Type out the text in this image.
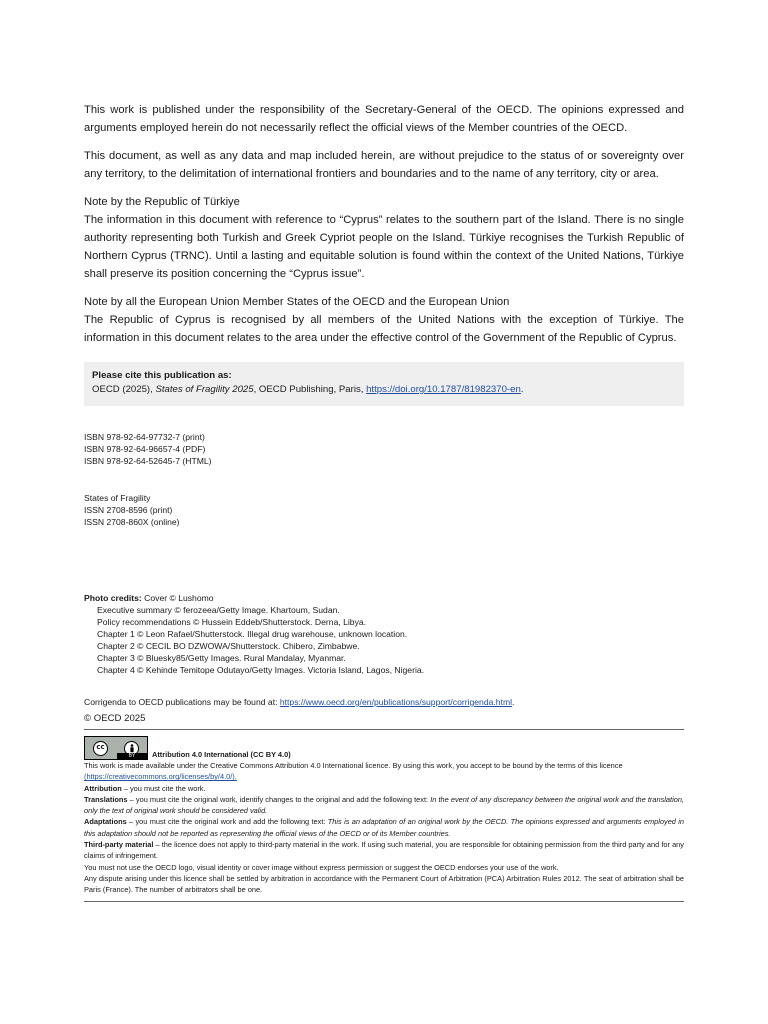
This work is published under the responsibility of the Secretary-General of the OECD. The opinions expressed and arguments employed herein do not necessarily reflect the official views of the Member countries of the OECD.

This document, as well as any data and map included herein, are without prejudice to the status of or sovereignty over any territory, to the delimitation of international frontiers and boundaries and to the name of any territory, city or area.

Note by the Republic of Türkiye

The information in this document with reference to “Cyprus” relates to the southern part of the Island. There is no single authority representing both Turkish and Greek Cypriot people on the Island. Türkiye recognises the Turkish Republic of Northern Cyprus (TRNC). Until a lasting and equitable solution is found within the context of the United Nations, Türkiye shall preserve its position concerning the “Cyprus issue”.

Note by all the European Union Member States of the OECD and the European Union

The Republic of Cyprus is recognised by all members of the United Nations with the exception of Türkiye. The information in this document relates to the area under the effective control of the Government of the Republic of Cyprus.

Please cite this publication as:
OECD (2025), States of Fragility 2025, OECD Publishing, Paris, https://doi.org/10.1787/81982370-en.
ISBN 978-92-64-97732-7 (print)
ISBN 978-92-64-96657-4 (PDF)
ISBN 978-92-64-52645-7 (HTML)
States of Fragility
ISSN 2708-8596 (print)
ISSN 2708-860X (online)
Photo credits: Cover © Lushomo
Executive summary © ferozeea/Getty Image. Khartoum, Sudan.
Policy recommendations © Hussein Eddeb/Shutterstock. Derna, Libya.
Chapter 1 © Leon Rafael/Shutterstock. Illegal drug warehouse, unknown location.
Chapter 2 © CECIL BO DZWOWA/Shutterstock. Chibero, Zimbabwe.
Chapter 3 © Bluesky85/Getty Images. Rural Mandalay, Myanmar.
Chapter 4 © Kehinde Temitope Odutayo/Getty Images. Victoria Island, Lagos, Nigeria.
Corrigenda to OECD publications may be found at: https://www.oecd.org/en/publications/support/corrigenda.html.
© OECD 2025
cc
BY	Attribution 4.0 International (CC BY 4.0)

This work is made available under the Creative Commons Attribution 4.0 International licence. By using this work, you accept to be bound by the terms of this licence

(https://creativecommons.org/licenses/by/4.0/).

Attribution – you must cite the work.

Translations – you must cite the original work, identify changes to the original and add the following text: In the event of any discrepancy between the original work and the translation, only the text of original work should be considered valid.

Adaptations – you must cite the original work and add the following text: This is an adaptation of an original work by the OECD. The opinions expressed and arguments employed in this adaptation should not be reported as representing the official views of the OECD or of its Member countries.

Third-party material – the licence does not apply to third-party material in the work. If using such material, you are responsible for obtaining permission from the third party and for any claims of infringement.

You must not use the OECD logo, visual identity or cover image without express permission or suggest the OECD endorses your use of the work.

Any dispute arising under this licence shall be settled by arbitration in accordance with the Permanent Court of Arbitration (PCA) Arbitration Rules 2012. The seat of arbitration shall be Paris (France). The number of arbitrators shall be one.
